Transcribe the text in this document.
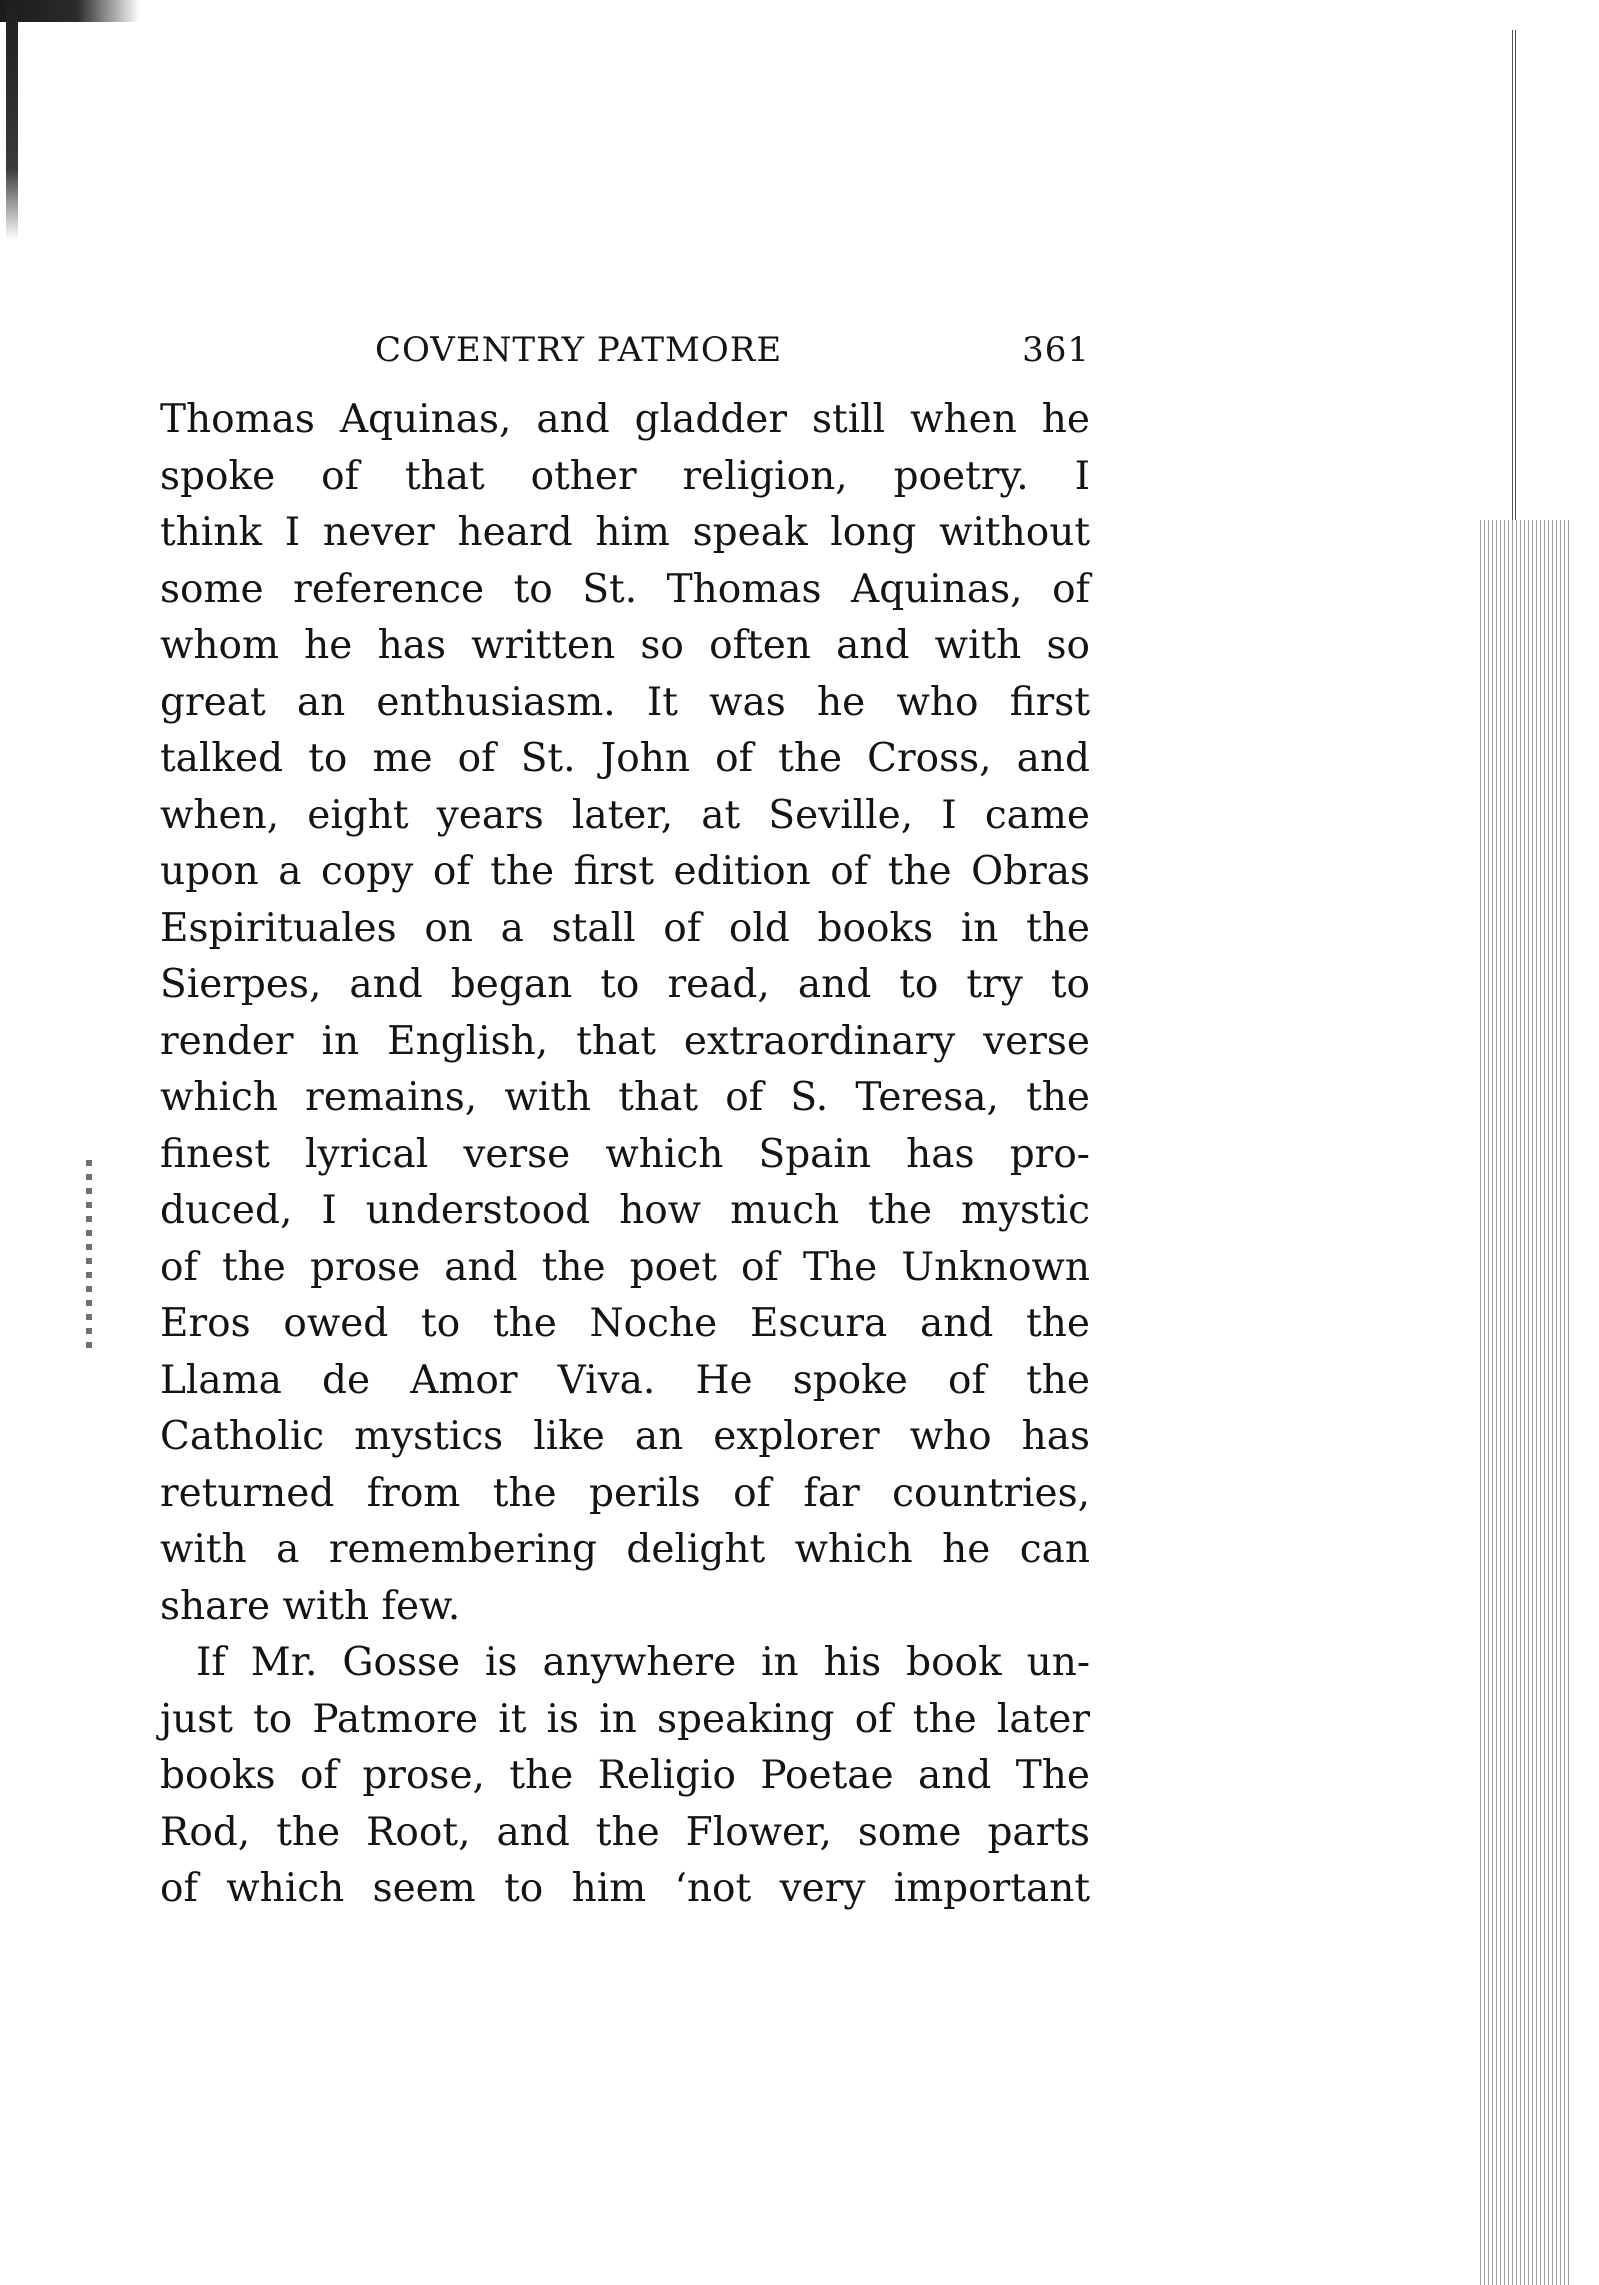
COVENTRY PATMORE	361
Thomas Aquinas, and gladder still when he
spoke of that other religion, poetry. I
think I never heard him speak long without
some reference to St. Thomas Aquinas, of
whom he has written so often and with so
great an enthusiasm. It was he who first
talked to me of St. John of the Cross, and
when, eight years later, at Seville, I came
upon a copy of the first edition of the Obras
Espirituales on a stall of old books in the
Sierpes, and began to read, and to try to
render in English, that extraordinary verse
which remains, with that of S. Teresa, the
finest lyrical verse which Spain has pro-
duced, I understood how much the mystic
of the prose and the poet of The Unknown
Eros owed to the Noche Escura and the
Llama de Amor Viva. He spoke of the
Catholic mystics like an explorer who has
returned from the perils of far countries,
with a remembering delight which he can
share with few.
If Mr. Gosse is anywhere in his book un-
just to Patmore it is in speaking of the later
books of prose, the Religio Poetae and The
Rod, the Root, and the Flower, some parts
of which seem to him ‘not very important
